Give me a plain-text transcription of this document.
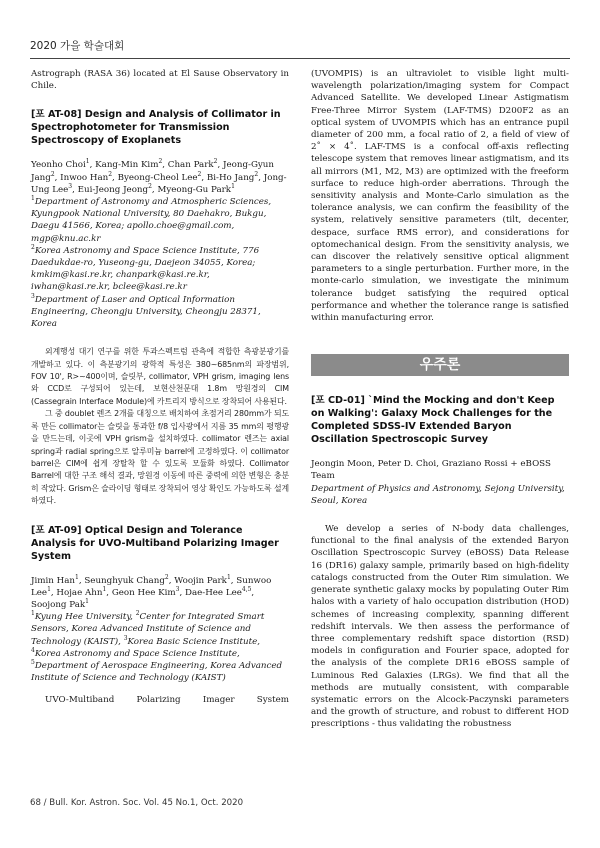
2020 가을 학술대회

Astrograph (RASA 36) located at El Sause Observatory in Chile.

[포 AT-08] Design and Analysis of Collimator in Spectrophotometer for Transmission Spectroscopy of Exoplanets

Yeonho Choi$^1$, Kang-Min Kim$^2$, Chan Park$^2$, Jeong-Gyun Jang$^2$, Inwoo Han$^2$, Byeong-Cheol Lee$^2$, Bi-Ho Jang$^2$, Jong-Ung Lee$^3$, Eui-Jeong Jeong$^2$, Myeong-Gu Park$^1$

$^1$Department of Astronomy and Atmospheric Sciences, Kyungpook National University, 80 Daehakro, Bukgu, Daegu 41566, Korea; apollo.choe@gmail.com, mgp@knu.ac.kr

$^2$Korea Astronomy and Space Science Institute, 776 Daedukdae-ro, Yuseong-gu, Daejeon 34055, Korea; kmkim@kasi.re.kr, chanpark@kasi.re.kr, iwhan@kasi.re.kr, bclee@kasi.re.kr

$^3$Department of Laser and Optical Information Engineering, Cheongju University, Cheongju 28371, Korea

외계행성 대기 연구를 위한 투과스펙트럼 관측에 적합한 측광분광기를 개발하고 있다. 이 측분광기의 광학적 특성은 380~685nm의 파장범위, FOV 10', R>~400이며, 슬릿부, collimator, VPH grism, imaging lens와 CCD로 구성되어 있는데, 보현산천문대 1.8m 망원경의 CIM (Cassegrain Interface Module)에 카트리지 방식으로 장착되어 사용된다.

그 중 doublet 렌즈 2개를 대칭으로 배치하여 초점거리 280mm가 되도록 만든 collimator는 슬릿을 통과한 f/8 입사광에서 지름 35 mm의 평행광을 만드는데, 이곳에 VPH grism을 설치하였다. collimator 렌즈는 axial spring과 radial spring으로 알루미늄 barrel에 고정하였다. 이 collimator barrel은 CIM에 쉽게 장탈착 할 수 있도록 모듈화 하였다. Collimator Barrel에 대한 구조 해석 결과, 망원경 이동에 따른 중력에 의한 변형은 충분히 작았다. Grism은 슬라이딩 형태로 장착되어 영상 확인도 가능하도록 설계하였다.

[포 AT-09] Optical Design and Tolerance Analysis for UVO-Multiband Polarizing Imager System

Jimin Han$^1$, Seunghyuk Chang$^2$, Woojin Park$^1$, Sunwoo Lee$^1$, Hojae Ahn$^1$, Geon Hee Kim$^3$, Dae-Hee Lee$^{4,5}$, Soojong Pak$^1$

$^1$Kyung Hee University, $^2$Center for Integrated Smart Sensors, Korea Advanced Institute of Science and Technology (KAIST), $^3$Korea Basic Science Institute, $^4$Korea Astronomy and Space Science Institute, $^5$Department of Aerospace Engineering, Korea Advanced Institute of Science and Technology (KAIST)

UVO-Multiband Polarizing Imager System

(UVOMPIS) is an ultraviolet to visible light multi-wavelength polarization/imaging system for Compact Advanced Satellite. We developed Linear Astigmatism Free-Three Mirror System (LAF-TMS) D200F2 as an optical system of UVOMPIS which has an entrance pupil diameter of 200 mm, a focal ratio of 2, a field of view of 2˚ × 4˚. LAF-TMS is a confocal off-axis reflecting telescope system that removes linear astigmatism, and its all mirrors (M1, M2, M3) are optimized with the freeform surface to reduce high-order aberrations. Through the sensitivity analysis and Monte-Carlo simulation as the tolerance analysis, we can confirm the feasibility of the system, relatively sensitive parameters (tilt, decenter, despace, surface RMS error), and considerations for optomechanical design. From the sensitivity analysis, we can discover the relatively sensitive optical alignment parameters to a single perturbation. Further more, in the monte-carlo simulation, we investigate the minimum tolerance budget satisfying the required optical performance and whether the tolerance range is satisfied within manufacturing error.

우주론

[포 CD-01] `Mind the Mocking and don't Keep on Walking': Galaxy Mock Challenges for the Completed SDSS-IV Extended Baryon Oscillation Spectroscopic Survey

Jeongin Moon, Peter D. Choi, Graziano Rossi + eBOSS Team

Department of Physics and Astronomy, Sejong University, Seoul, Korea

We develop a series of N-body data challenges, functional to the final analysis of the extended Baryon Oscillation Spectroscopic Survey (eBOSS) Data Release 16 (DR16) galaxy sample, primarily based on high-fidelity catalogs constructed from the Outer Rim simulation. We generate synthetic galaxy mocks by populating Outer Rim halos with a variety of halo occupation distribution (HOD) schemes of increasing complexity, spanning different redshift intervals. We then assess the performance of three complementary redshift space distortion (RSD) models in configuration and Fourier space, adopted for the analysis of the complete DR16 eBOSS sample of Luminous Red Galaxies (LRGs). We find that all the methods are mutually consistent, with comparable systematic errors on the Alcock-Paczynski parameters and the growth of structure, and robust to different HOD prescriptions - thus validating the robustness

68 / Bull. Kor. Astron. Soc. Vol. 45 No.1, Oct. 2020
